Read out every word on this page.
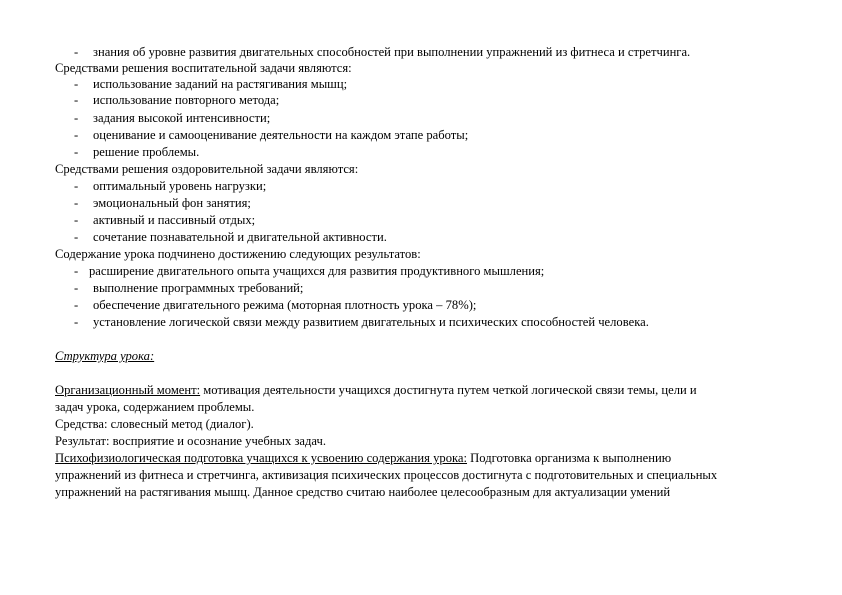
- знания об уровне развития двигательных способностей при выполнении упражнений из фитнеса и стретчинга.
Средствами решения воспитательной задачи являются:
- использование заданий на растягивания мышц;
- использование повторного метода;
- задания высокой интенсивности;
- оценивание и самооценивание деятельности на каждом этапе работы;
- решение проблемы.
Средствами решения оздоровительной задачи являются:
- оптимальный уровень нагрузки;
- эмоциональный фон занятия;
- активный и пассивный отдых;
- сочетание познавательной и двигательной активности.
Содержание урока подчинено достижению следующих результатов:
- расширение двигательного опыта учащихся для развития продуктивного мышления;
- выполнение программных требований;
- обеспечение двигательного режима (моторная плотность урока – 78%);
- установление логической связи между развитием двигательных и психических способностей человека.
Структура урока:
Организационный момент: мотивация деятельности учащихся достигнута путем четкой логической связи темы, цели и
задач урока, содержанием проблемы.
Средства: словесный метод (диалог).
Результат: восприятие и осознание учебных задач.
Психофизиологическая подготовка учащихся к усвоению содержания урока: Подготовка организма к выполнению
упражнений из фитнеса и стретчинга, активизация психических процессов достигнута с подготовительных и специальных
упражнений на растягивания мышц. Данное средство считаю наиболее целесообразным для актуализации умений
